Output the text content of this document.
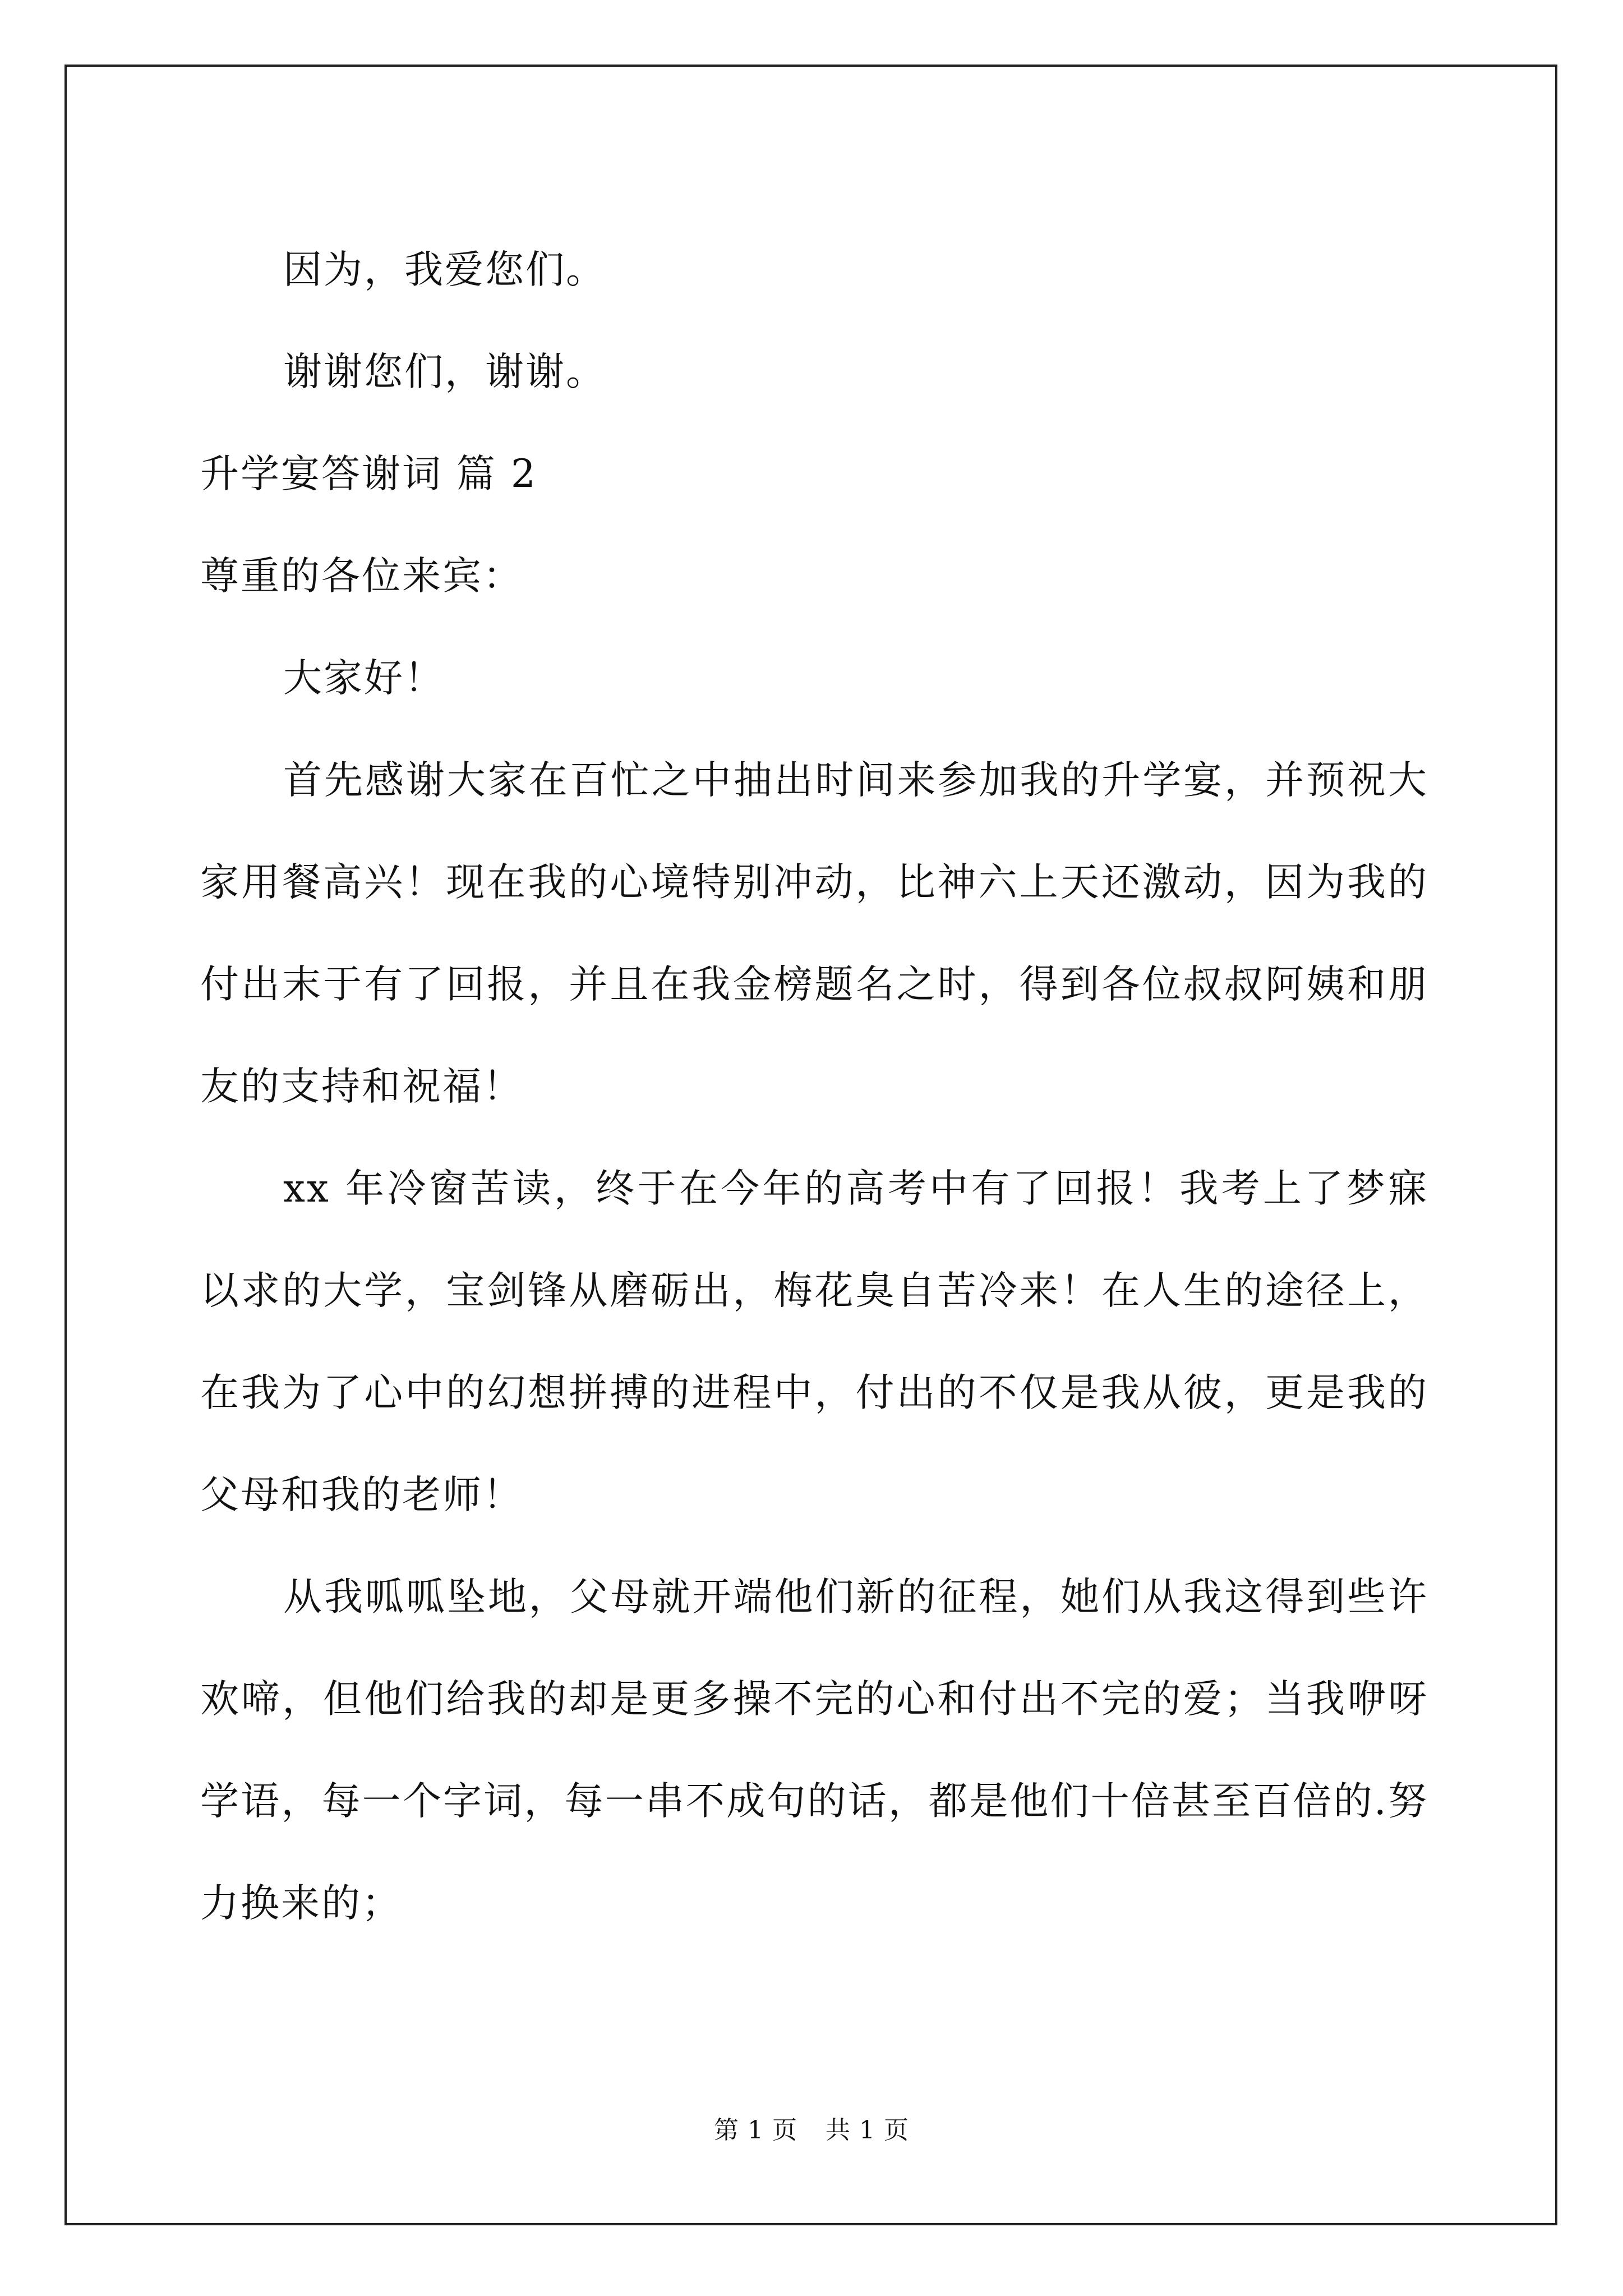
因为，我爱您们。

谢谢您们，谢谢。

升学宴答谢词 篇 2

尊重的各位来宾：

大家好！

首先感谢大家在百忙之中抽出时间来参加我的升学宴，并预祝大家用餐高兴！现在我的心境特别冲动，比神六上天还激动，因为我的付出末于有了回报，并且在我金榜题名之时，得到各位叔叔阿姨和朋友的支持和祝福！

xx 年冷窗苦读，终于在今年的高考中有了回报！我考上了梦寐以求的大学，宝剑锋从磨砺出，梅花臭自苦冷来！在人生的途径上，在我为了心中的幻想拼搏的进程中，付出的不仅是我从彼，更是我的父母和我的老师！

从我呱呱坠地，父母就开端他们新的征程，她们从我这得到些许欢啼，但他们给我的却是更多操不完的心和付出不完的爱；当我咿呀学语，每一个字词，每一串不成句的话，都是他们十倍甚至百倍的.努力换来的；

第 1 页 共 1 页
